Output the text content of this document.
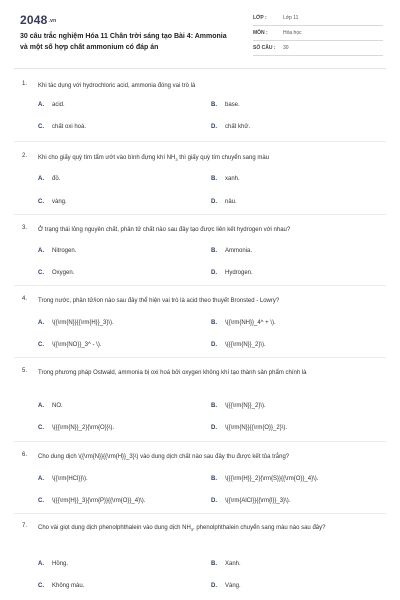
2048.vn
30 câu trắc nghiệm Hóa 11 Chân trời sáng tạo Bài 4: Ammonia và một số hợp chất ammonium có đáp án
LỚP :	Lớp 11
MÔN :	Hóa học
SỐ CÂU : 30
1. Khi tác dụng với hydrochloric acid, ammonia đóng vai trò là
A. acid.	B. base.
C. chất oxi hoá.	D. chất khử.
2. Khi cho giấy quỳ tím tẩm ướt vào bình đựng khí $NH_3$ thì giấy quỳ tím chuyển sang màu
A. đỏ.	B. xanh.
C. vàng.	D. nâu.
3. Ở trạng thái lỏng nguyên chất, phân tử chất nào sau đây tạo được liên kết hydrogen với nhau?
A. Nitrogen.	B. Ammonia.
C. Oxygen.	D. Hydrogen.
4. Trong nước, phân tử/ion nào sau đây thể hiện vai trò là acid theo thuyết Bronsted - Lowry?
A. \({\rm{N}}{{\rm{H}}_3}\).	B. \({\rm{NH}}_4^ + \).
C. \({\rm{NO}}_3^ - \).	D. \({{\rm{N}}_2}\).
5. Trong phương pháp Ostwald, ammonia bị oxi hoá bởi oxygen không khí tạo thành sản phẩm chính là
A. NO.	B. \({{\rm{N}}_2}\).
C. \({{\rm{N}}_2}{\rm{O}}\).	D. \({\rm{N}}{{\rm{O}}_2}\).
6. Cho dung dịch \({\rm{N}}{{\rm{H}}_3}\) vào dung dịch chất nào sau đây thu được kết tủa trắng?
A. \({\rm{HCl}}\).	B. \({{\rm{H}}_2}{\rm{S}}{{\rm{O}}_4}\).
C. \({{\rm{H}}_3}{\rm{P}}{{\rm{O}}_4}\).	D. \({\rm{AlCl}}{{\rm{l}}_3}\).
7. Cho vài giọt dung dịch phenolphthalein vào dung dịch $NH_3$, phenolphthalein chuyển sang màu nào sau đây?
A. Hồng.	B. Xanh.
C. Không màu.	D. Vàng.
